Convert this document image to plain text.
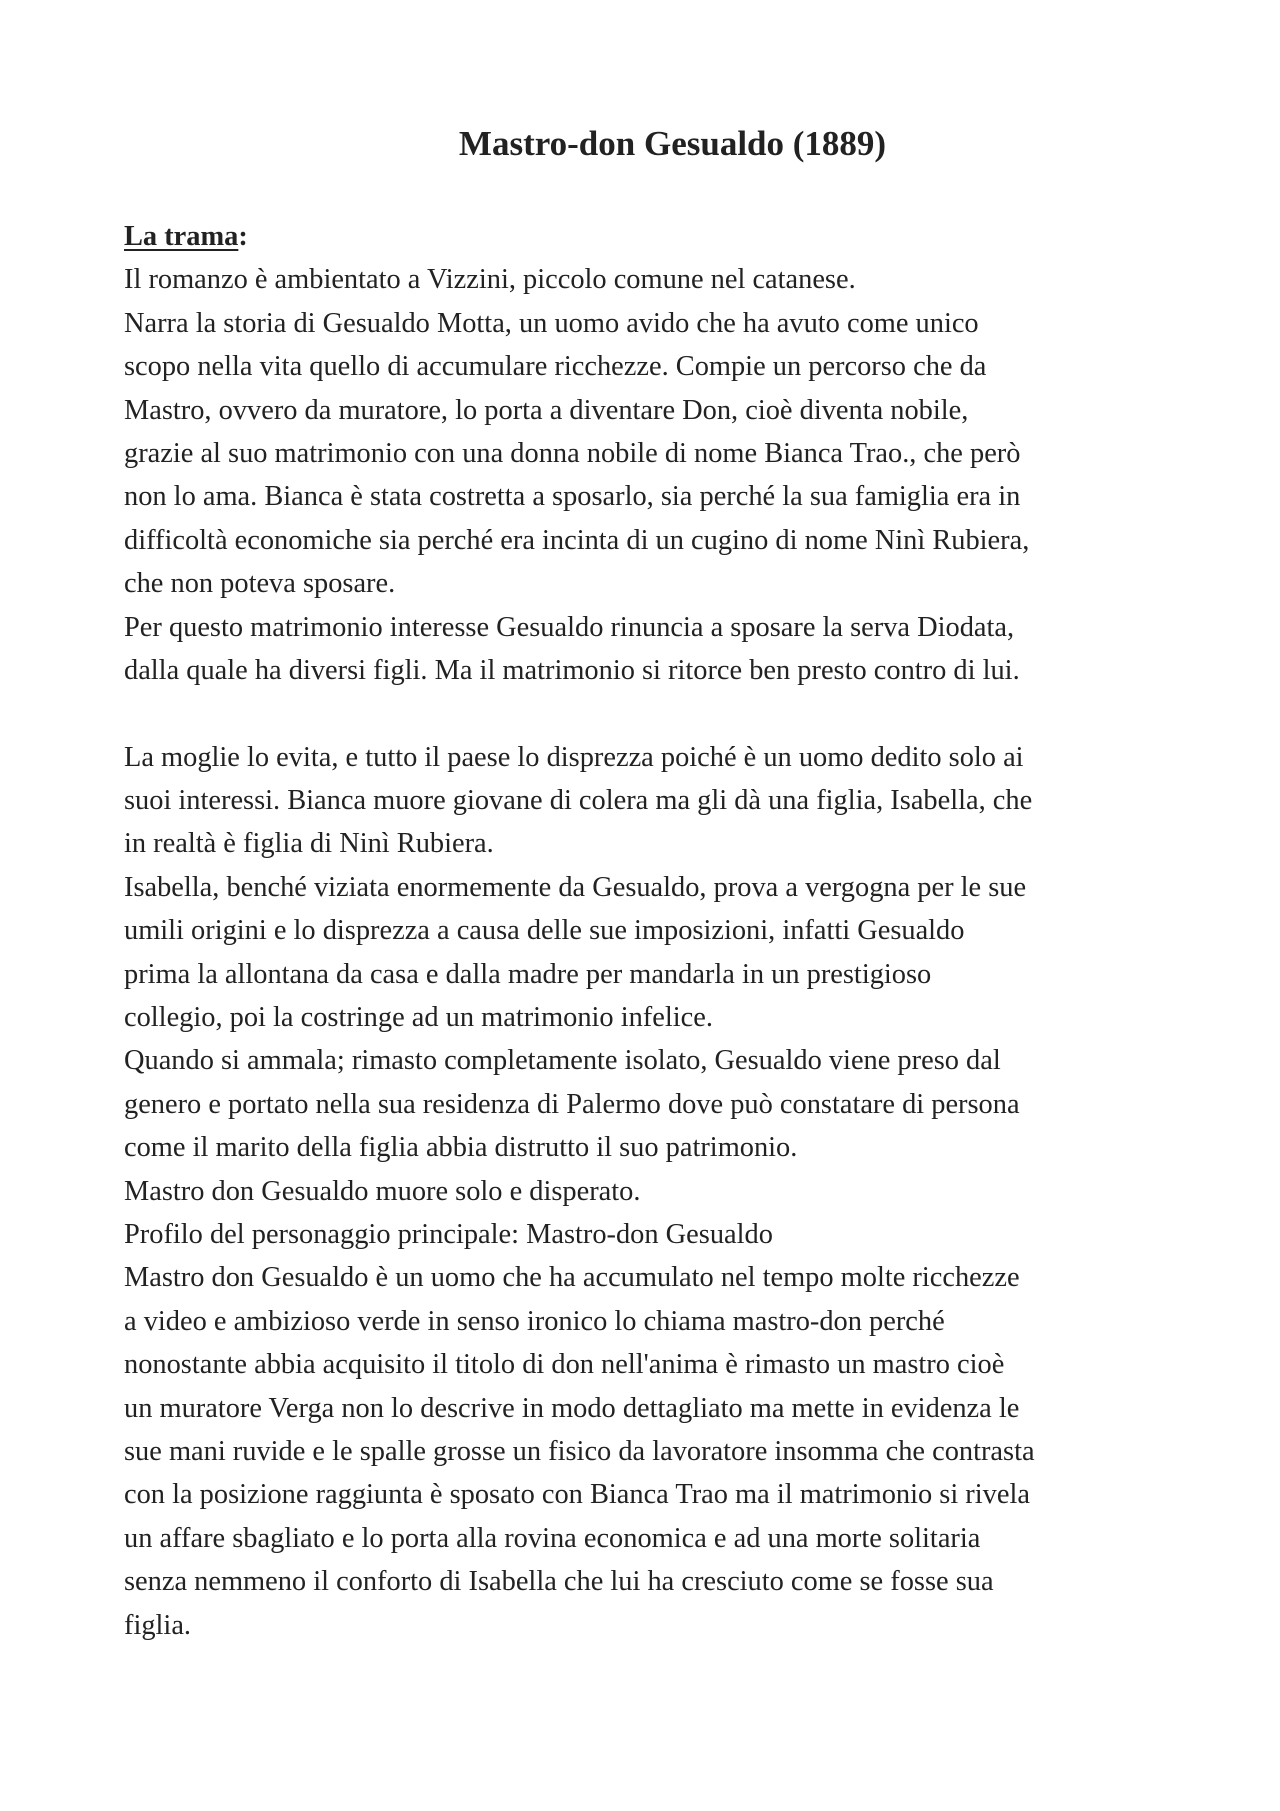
Mastro-don Gesualdo (1889)
La trama:
Il romanzo è ambientato a Vizzini, piccolo comune nel catanese.
Narra la storia di Gesualdo Motta, un uomo avido che ha avuto come unico
scopo nella vita quello di accumulare ricchezze. Compie un percorso che da
Mastro, ovvero da muratore, lo porta a diventare Don, cioè diventa nobile,
grazie al suo matrimonio con una donna nobile di nome Bianca Trao., che però
non lo ama. Bianca è stata costretta a sposarlo, sia perché la sua famiglia era in
difficoltà economiche sia perché era incinta di un cugino di nome Ninì Rubiera,
che non poteva sposare.
Per questo matrimonio interesse Gesualdo rinuncia a sposare la serva Diodata,
dalla quale ha diversi figli. Ma il matrimonio si ritorce ben presto contro di lui.
La moglie lo evita, e tutto il paese lo disprezza poiché è un uomo dedito solo ai
suoi interessi. Bianca muore giovane di colera ma gli dà una figlia, Isabella, che
in realtà è figlia di Ninì Rubiera.
Isabella, benché viziata enormemente da Gesualdo, prova a vergogna per le sue
umili origini e lo disprezza a causa delle sue imposizioni, infatti Gesualdo
prima la allontana da casa e dalla madre per mandarla in un prestigioso
collegio, poi la costringe ad un matrimonio infelice.
Quando si ammala; rimasto completamente isolato, Gesualdo viene preso dal
genero e portato nella sua residenza di Palermo dove può constatare di persona
come il marito della figlia abbia distrutto il suo patrimonio.
Mastro don Gesualdo muore solo e disperato.
Profilo del personaggio principale: Mastro-don Gesualdo
Mastro don Gesualdo è un uomo che ha accumulato nel tempo molte ricchezze
a video e ambizioso verde in senso ironico lo chiama mastro-don perché
nonostante abbia acquisito il titolo di don nell'anima è rimasto un mastro cioè
un muratore Verga non lo descrive in modo dettagliato ma mette in evidenza le
sue mani ruvide e le spalle grosse un fisico da lavoratore insomma che contrasta
con la posizione raggiunta è sposato con Bianca Trao ma il matrimonio si rivela
un affare sbagliato e lo porta alla rovina economica e ad una morte solitaria
senza nemmeno il conforto di Isabella che lui ha cresciuto come se fosse sua
figlia.
